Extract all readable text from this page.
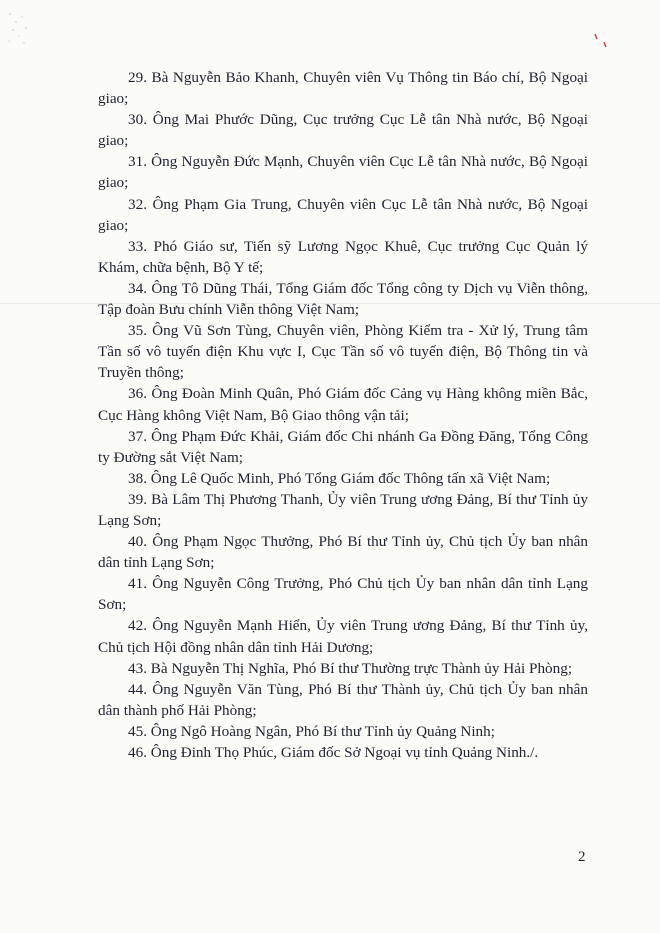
29. Bà Nguyễn Bảo Khanh, Chuyên viên Vụ Thông tin Báo chí, Bộ Ngoại giao;
30. Ông Mai Phước Dũng, Cục trưởng Cục Lễ tân Nhà nước, Bộ Ngoại giao;
31. Ông Nguyễn Đức Mạnh, Chuyên viên Cục Lễ tân Nhà nước, Bộ Ngoại giao;
32. Ông Phạm Gia Trung, Chuyên viên Cục Lễ tân Nhà nước, Bộ Ngoại giao;
33. Phó Giáo sư, Tiến sỹ Lương Ngọc Khuê, Cục trưởng Cục Quản lý Khám, chữa bệnh, Bộ Y tế;
34. Ông Tô Dũng Thái, Tổng Giám đốc Tổng công ty Dịch vụ Viễn thông, Tập đoàn Bưu chính Viễn thông Việt Nam;
35. Ông Vũ Sơn Tùng, Chuyên viên, Phòng Kiểm tra - Xử lý, Trung tâm Tần số vô tuyến điện Khu vực I, Cục Tần số vô tuyến điện, Bộ Thông tin và Truyền thông;
36. Ông Đoàn Minh Quân, Phó Giám đốc Cảng vụ Hàng không miền Bắc, Cục Hàng không Việt Nam, Bộ Giao thông vận tải;
37. Ông Phạm Đức Khải, Giám đốc Chi nhánh Ga Đồng Đăng, Tổng Công ty Đường sắt Việt Nam;
38. Ông Lê Quốc Minh, Phó Tổng Giám đốc Thông tấn xã Việt Nam;
39. Bà Lâm Thị Phương Thanh, Ủy viên Trung ương Đảng, Bí thư Tỉnh ủy Lạng Sơn;
40. Ông Phạm Ngọc Thưởng, Phó Bí thư Tỉnh ủy, Chủ tịch Ủy ban nhân dân tỉnh Lạng Sơn;
41. Ông Nguyễn Công Trưởng, Phó Chủ tịch Ủy ban nhân dân tỉnh Lạng Sơn;
42. Ông Nguyễn Mạnh Hiển, Ủy viên Trung ương Đảng, Bí thư Tỉnh ủy, Chủ tịch Hội đồng nhân dân tỉnh Hải Dương;
43. Bà Nguyễn Thị Nghĩa, Phó Bí thư Thường trực Thành ủy Hải Phòng;
44. Ông Nguyễn Văn Tùng, Phó Bí thư Thành ủy, Chủ tịch Ủy ban nhân dân thành phố Hải Phòng;
45. Ông Ngô Hoàng Ngân, Phó Bí thư Tỉnh ủy Quảng Ninh;
46. Ông Đinh Thọ Phúc, Giám đốc Sở Ngoại vụ tỉnh Quảng Ninh./.
2
